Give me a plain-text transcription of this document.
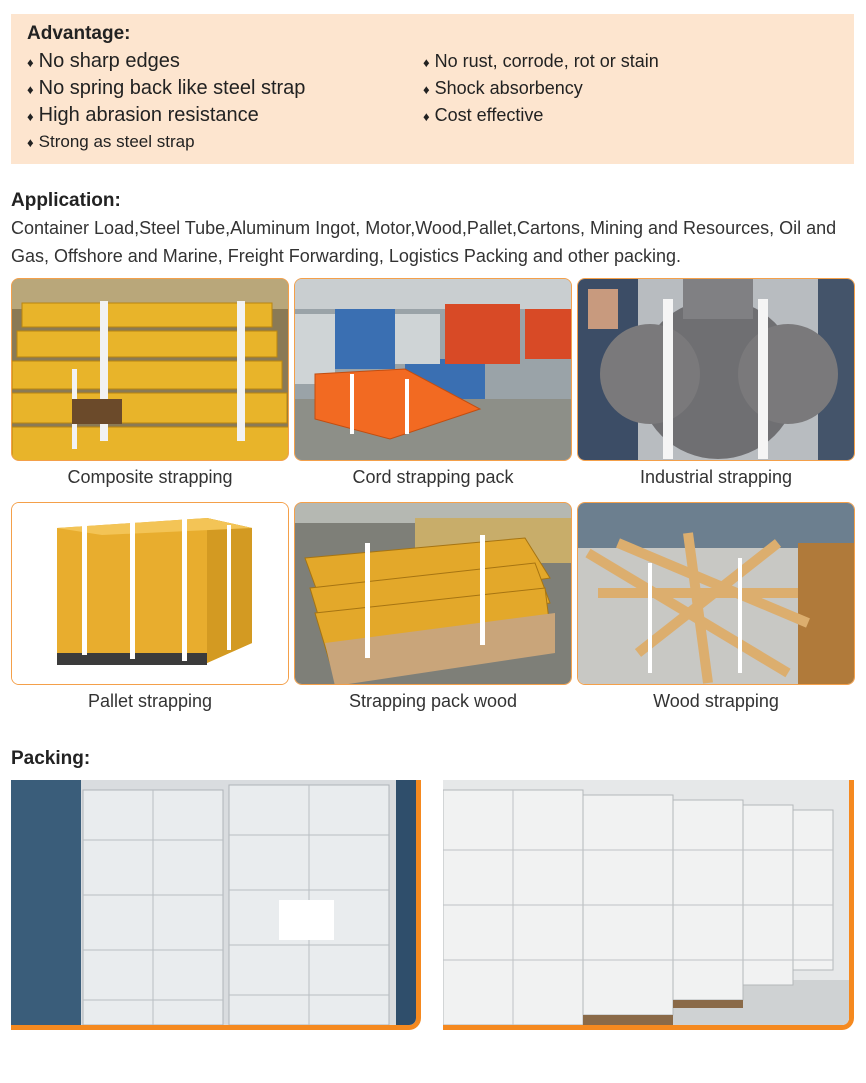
Advantage:
♦ No sharp edges
♦ No spring back like steel strap
♦ High abrasion resistance
♦ Strong as steel strap
♦ No rust, corrode, rot or stain
♦ Shock absorbency
♦ Cost effective
Application:
Container Load,Steel Tube,Aluminum Ingot, Motor,Wood,Pallet,Cartons, Mining and Resources, Oil and Gas, Offshore and Marine, Freight Forwarding, Logistics Packing and other packing.
Composite strapping	Cord strapping pack	Industrial strapping
Pallet strapping	Strapping pack wood	Wood strapping
Packing:
